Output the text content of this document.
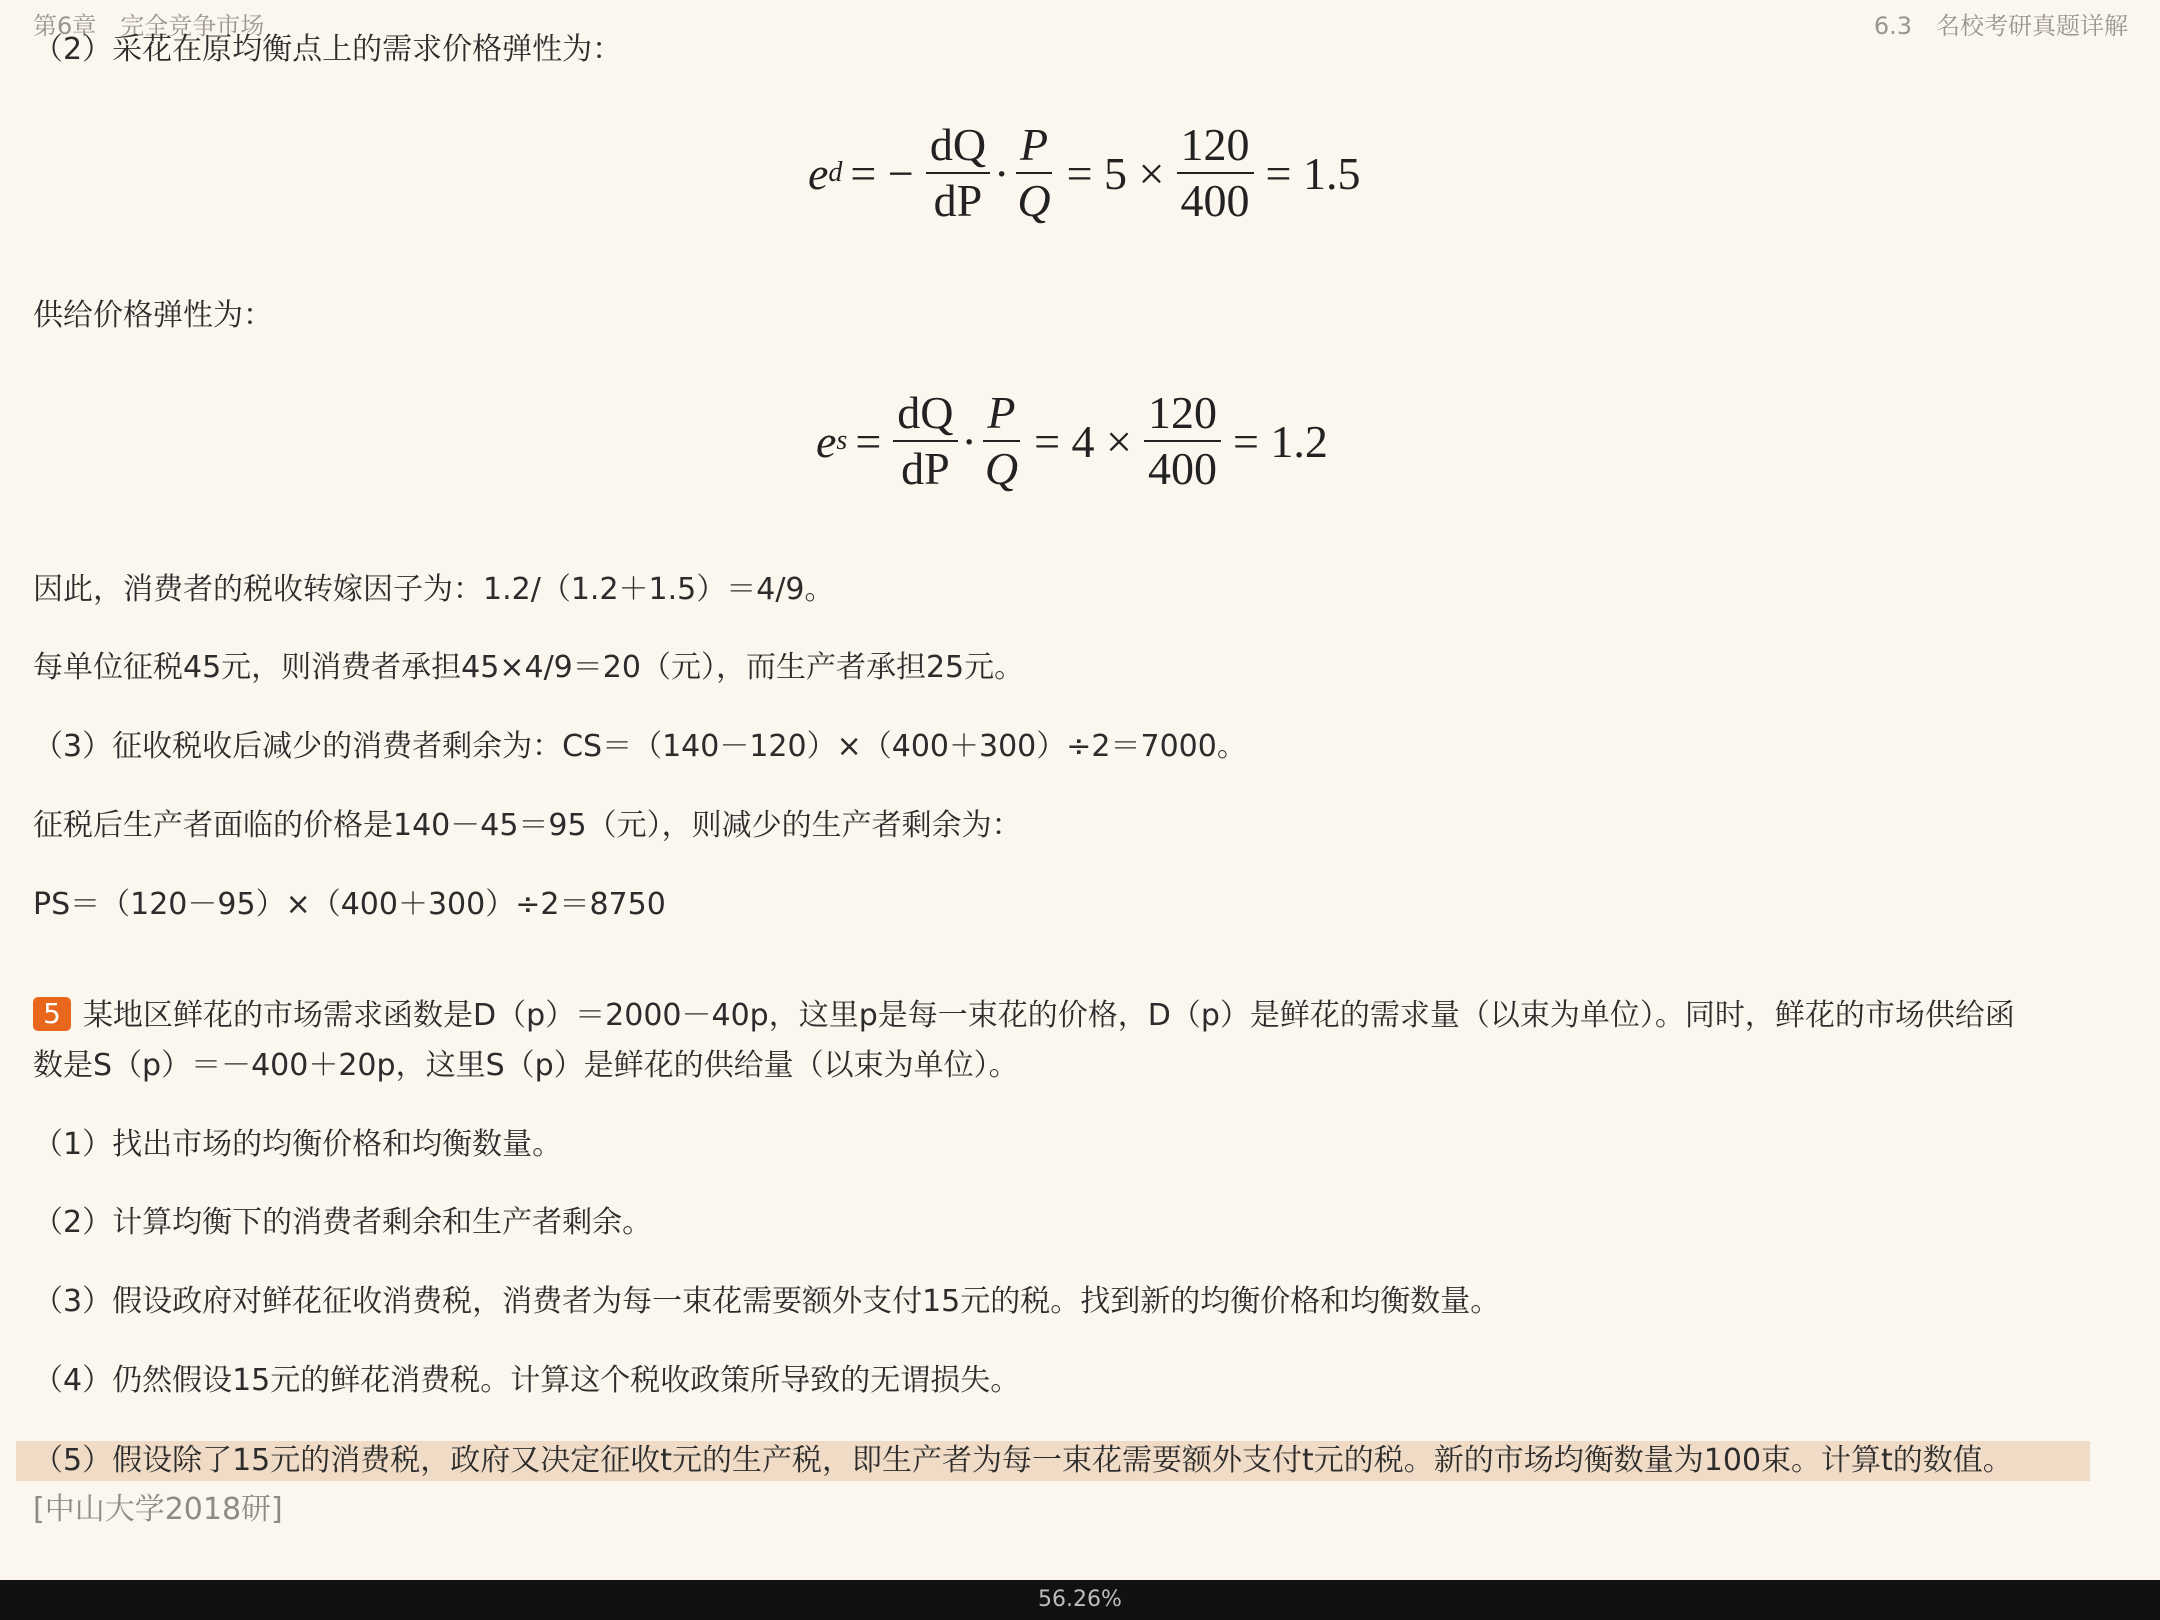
第6章　完全竞争市场	6.3　名校考研真题详解
（2）采花在原均衡点上的需求价格弹性为：
e d = − $\frac{dQ}{dP} \cdot \frac{P}{Q} = 5 \times \frac{120}{400} = 1.5$
供给价格弹性为：
e $s = \frac{dQ}{dP} \cdot \frac{P}{Q} = 4 \times \frac{120}{400} = 1.2$
因此，消费者的税收转嫁因子为：1.2/（1.2＋1.5）＝4/9。
每单位征税45元，则消费者承担45×4/9＝20（元），而生产者承担25元。
（3）征收税收后减少的消费者剩余为：CS＝（140－120）×（400＋300）÷2＝7000。
征税后生产者面临的价格是140－45＝95（元），则减少的生产者剩余为：
PS＝（120－95）×（400＋300）÷2＝8750
5 某地区鲜花的市场需求函数是D（p）＝2000－40p，这里p是每一束花的价格，D（p）是鲜花的需求量（以束为单位）。同时，鲜花的市场供给函
数是S（p）＝－400＋20p，这里S（p）是鲜花的供给量（以束为单位）。
（1）找出市场的均衡价格和均衡数量。
（2）计算均衡下的消费者剩余和生产者剩余。
（3）假设政府对鲜花征收消费税，消费者为每一束花需要额外支付15元的税。找到新的均衡价格和均衡数量。
（4）仍然假设15元的鲜花消费税。计算这个税收政策所导致的无谓损失。
（5）假设除了15元的消费税，政府又决定征收t元的生产税，即生产者为每一束花需要额外支付t元的税。新的市场均衡数量为100束。计算t的数值。
[中山大学2018研]
56.26%
